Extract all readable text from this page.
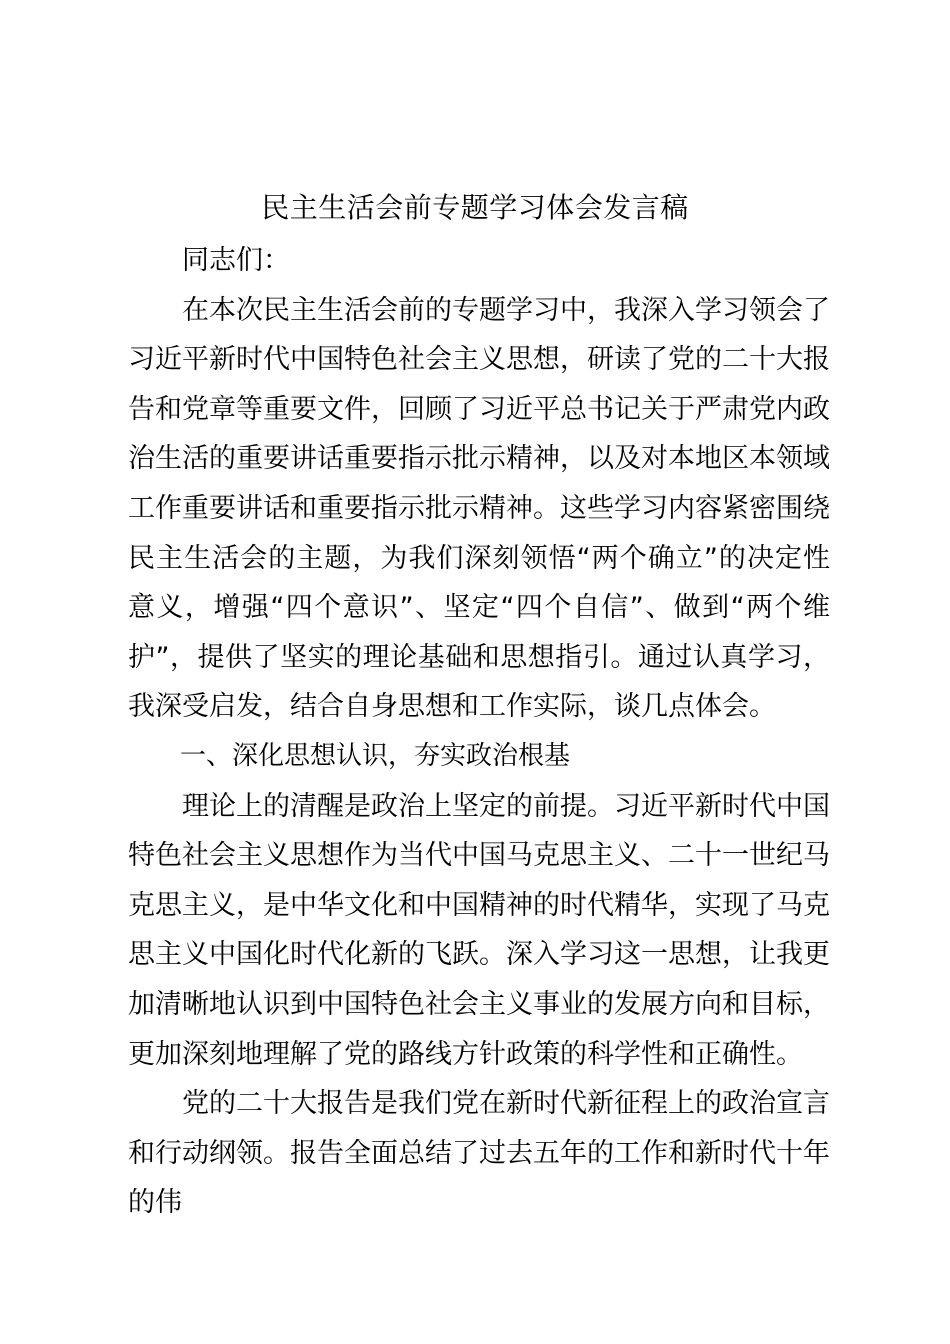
民主生活会前专题学习体会发言稿

同志们：

在本次民主生活会前的专题学习中，我深入学习领会了习近平新时代中国特色社会主义思想，研读了党的二十大报告和党章等重要文件，回顾了习近平总书记关于严肃党内政治生活的重要讲话重要指示批示精神，以及对本地区本领域工作重要讲话和重要指示批示精神。这些学习内容紧密围绕民主生活会的主题，为我们深刻领悟“两个确立”的决定性意义，增强“四个意识”、坚定“四个自信”、做到“两个维护”，提供了坚实的理论基础和思想指引。通过认真学习，我深受启发，结合自身思想和工作实际，谈几点体会。

一、深化思想认识，夯实政治根基

理论上的清醒是政治上坚定的前提。习近平新时代中国特色社会主义思想作为当代中国马克思主义、二十一世纪马克思主义，是中华文化和中国精神的时代精华，实现了马克思主义中国化时代化新的飞跃。深入学习这一思想，让我更加清晰地认识到中国特色社会主义事业的发展方向和目标，更加深刻地理解了党的路线方针政策的科学性和正确性。

党的二十大报告是我们党在新时代新征程上的政治宣言和行动纲领。报告全面总结了过去五年的工作和新时代十年的伟
